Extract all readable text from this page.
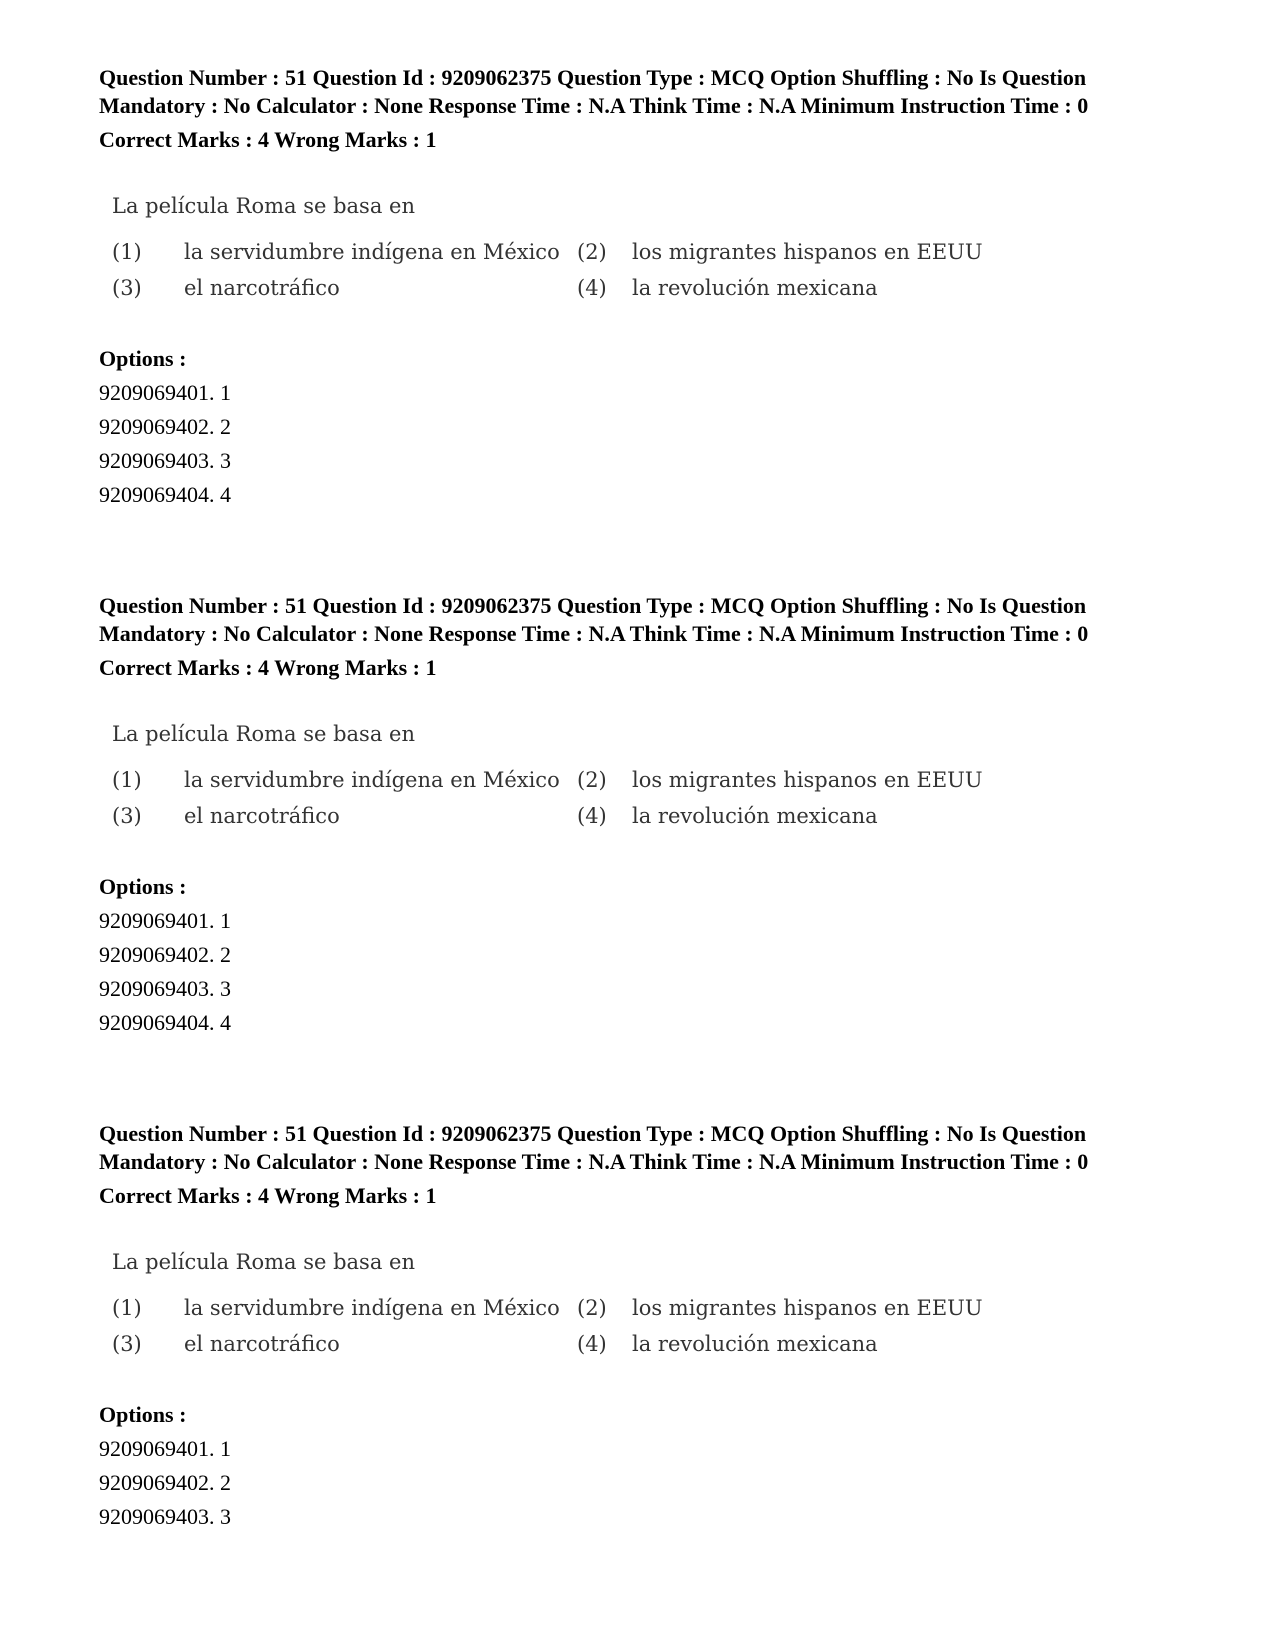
Question Number : 51 Question Id : 9209062375 Question Type : MCQ Option Shuffling : No Is Question Mandatory : No Calculator : None Response Time : N.A Think Time : N.A Minimum Instruction Time : 0

Correct Marks : 4 Wrong Marks : 1
La película Roma se basa en
(1) la servidumbre indígena en México (2) los migrantes hispanos en EEUU
(3) el narcotráfico	(4) la revolución mexicana
Options :
9209069401. 1
9209069402. 2
9209069403. 3
9209069404. 4

Question Number : 51 Question Id : 9209062375 Question Type : MCQ Option Shuffling : No Is Question Mandatory : No Calculator : None Response Time : N.A Think Time : N.A Minimum Instruction Time : 0

Correct Marks : 4 Wrong Marks : 1
La película Roma se basa en
(1) la servidumbre indígena en México (2) los migrantes hispanos en EEUU
(3) el narcotráfico	(4) la revolución mexicana
Options :
9209069401. 1
9209069402. 2
9209069403. 3
9209069404. 4

Question Number : 51 Question Id : 9209062375 Question Type : MCQ Option Shuffling : No Is Question Mandatory : No Calculator : None Response Time : N.A Think Time : N.A Minimum Instruction Time : 0

Correct Marks : 4 Wrong Marks : 1
La película Roma se basa en
(1) la servidumbre indígena en México (2) los migrantes hispanos en EEUU
(3) el narcotráfico	(4) la revolución mexicana
Options :
9209069401. 1
9209069402. 2
9209069403. 3
